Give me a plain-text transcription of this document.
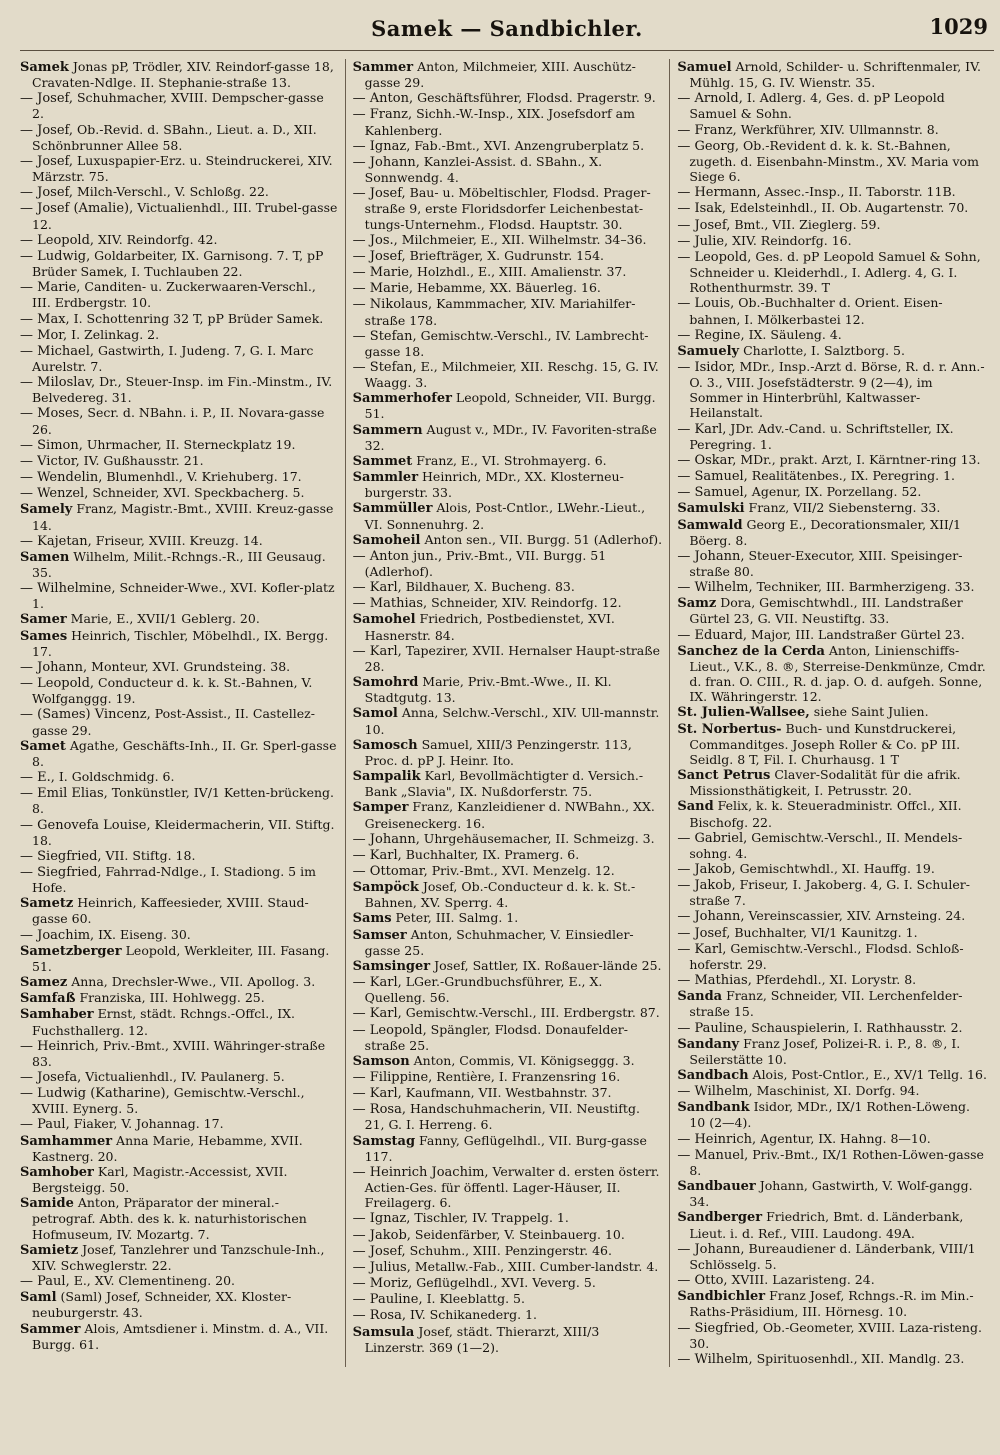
Samek — Sandbichler.	1029
Samek Jonas pP, Trödler, XIV. Reindorf-gasse 18, Cravaten-Ndlge. II. Stephanie-straße 13.
— Josef, Schuhmacher, XVIII. Dempscher-gasse 2.
— Josef, Ob.-Revid. d. SBahn., Lieut. a. D., XII. Schönbrunner Allee 58.
— Josef, Luxuspapier-Erz. u. Steindruckerei, XIV. Märzstr. 75.
— Josef, Milch-Verschl., V. Schloßg. 22.
— Josef (Amalie), Victualienhdl., III. Trubel-gasse 12.
— Leopold, XIV. Reindorfg. 42.
— Ludwig, Goldarbeiter, IX. Garnisong. 7. T, pP Brüder Samek, I. Tuchlauben 22.
— Marie, Canditen- u. Zuckerwaaren-Verschl., III. Erdbergstr. 10.
— Max, I. Schottenring 32 T, pP Brüder Samek.
— Mor, I. Zelinkag. 2.
— Michael, Gastwirth, I. Judeng. 7, G. I. Marc Aurelstr. 7.
— Miloslav, Dr., Steuer-Insp. im Fin.-Minstm., IV. Belvedereg. 31.
— Moses, Secr. d. NBahn. i. P., II. Novara-gasse 26.
— Simon, Uhrmacher, II. Sterneckplatz 19.
— Victor, IV. Gußhausstr. 21.
— Wendelin, Blumenhdl., V. Kriehuberg. 17.
— Wenzel, Schneider, XVI. Speckbacherg. 5.
Samely Franz, Magistr.-Bmt., XVIII. Kreuz-gasse 14.
— Kajetan, Friseur, XVIII. Kreuzg. 14.
Samen Wilhelm, Milit.-Rchngs.-R., III Geusaug. 35.
— Wilhelmine, Schneider-Wwe., XVI. Kofler-platz 1.
Samer Marie, E., XVII/1 Geblerg. 20.
Sames Heinrich, Tischler, Möbelhdl., IX. Bergg. 17.
— Johann, Monteur, XVI. Grundsteing. 38.
— Leopold, Conducteur d. k. k. St.-Bahnen, V. Wolfganggg. 19.
— (Sames) Vincenz, Post-Assist., II. Castellez-gasse 29.
Samet Agathe, Geschäfts-Inh., II. Gr. Sperl-gasse 8.
— E., I. Goldschmidg. 6.
— Emil Elias, Tonkünstler, IV/1 Ketten-brückeng. 8.
— Genovefa Louise, Kleidermacherin, VII. Stiftg. 18.
— Siegfried, VII. Stiftg. 18.
— Siegfried, Fahrrad-Ndlge., I. Stadiong. 5 im Hofe.
Sametz Heinrich, Kaffeesieder, XVIII. Staud-gasse 60.
— Joachim, IX. Eiseng. 30.
Sametzberger Leopold, Werkleiter, III. Fasang. 51.
Samez Anna, Drechsler-Wwe., VII. Apollog. 3.
Samfaß Franziska, III. Hohlwegg. 25.
Samhaber Ernst, städt. Rchngs.-Offcl., IX. Fuchsthallerg. 12.
— Heinrich, Priv.-Bmt., XVIII. Währinger-straße 83.
— Josefa, Victualienhdl., IV. Paulanerg. 5.
— Ludwig (Katharine), Gemischtw.-Verschl., XVIII. Eynerg. 5.
— Paul, Fiaker, V. Johannag. 17.
Samhammer Anna Marie, Hebamme, XVII. Kastnerg. 20.
Samhober Karl, Magistr.-Accessist, XVII. Bergsteigg. 50.
Samide Anton, Präparator der mineral.-petrograf. Abth. des k. k. naturhistorischen Hofmuseum, IV. Mozartg. 7.
Samietz Josef, Tanzlehrer und Tanzschule-Inh., XIV. Schweglerstr. 22.
— Paul, E., XV. Clementineng. 20.
Saml (Saml) Josef, Schneider, XX. Kloster-neuburgerstr. 43.
Sammer Alois, Amtsdiener i. Minstm. d. A., VII. Burgg. 61.
Sammer Anton, Milchmeier, XIII. Auschütz-gasse 29.
— Anton, Geschäftsführer, Flodsd. Pragerstr. 9.
— Franz, Sichh.-W.-Insp., XIX. Josefsdorf am Kahlenberg.
— Ignaz, Fab.-Bmt., XVI. Anzengruberplatz 5.
— Johann, Kanzlei-Assist. d. SBahn., X. Sonnwendg. 4.
— Josef, Bau- u. Möbeltischler, Flodsd. Prager-straße 9, erste Floridsdorfer Leichenbestat-tungs-Unternehm., Flodsd. Hauptstr. 30.
— Jos., Milchmeier, E., XII. Wilhelmstr. 34–36.
— Josef, Briefträger, X. Gudrunstr. 154.
— Marie, Holzhdl., E., XIII. Amalienstr. 37.
— Marie, Hebamme, XX. Bäuerleg. 16.
— Nikolaus, Kammmacher, XIV. Mariahilfer-straße 178.
— Stefan, Gemischtw.-Verschl., IV. Lambrecht-gasse 18.
— Stefan, E., Milchmeier, XII. Reschg. 15, G. IV. Waagg. 3.
Sammerhofer Leopold, Schneider, VII. Burgg. 51.
Sammern August v., MDr., IV. Favoriten-straße 32.
Sammet Franz, E., VI. Strohmayerg. 6.
Sammler Heinrich, MDr., XX. Klosterneu-burgerstr. 33.
Sammüller Alois, Post-Cntlor., LWehr.-Lieut., VI. Sonnenuhrg. 2.
Samoheil Anton sen., VII. Burgg. 51 (Adlerhof).
— Anton jun., Priv.-Bmt., VII. Burgg. 51 (Adlerhof).
— Karl, Bildhauer, X. Bucheng. 83.
— Mathias, Schneider, XIV. Reindorfg. 12.
Samohel Friedrich, Postbedienstet, XVI. Hasnerstr. 84.
— Karl, Tapezirer, XVII. Hernalser Haupt-straße 28.
Samohrd Marie, Priv.-Bmt.-Wwe., II. Kl. Stadtgutg. 13.
Samol Anna, Selchw.-Verschl., XIV. Ull-mannstr. 10.
Samosch Samuel, XIII/3 Penzingerstr. 113, Proc. d. pP J. Heinr. Ito.
Sampalik Karl, Bevollmächtigter d. Versich.-Bank „Slavia", IX. Nußdorferstr. 75.
Samper Franz, Kanzleidiener d. NWBahn., XX. Greiseneckerg. 16.
— Johann, Uhrgehäusemacher, II. Schmeizg. 3.
— Karl, Buchhalter, IX. Pramerg. 6.
— Ottomar, Priv.-Bmt., XVI. Menzelg. 12.
Sampöck Josef, Ob.-Conducteur d. k. k. St.-Bahnen, XV. Sperrg. 4.
Sams Peter, III. Salmg. 1.
Samser Anton, Schuhmacher, V. Einsiedler-gasse 25.
Samsinger Josef, Sattler, IX. Roßauer-lände 25.
— Karl, LGer.-Grundbuchsführer, E., X. Quelleng. 56.
— Karl, Gemischtw.-Verschl., III. Erdbergstr. 87.
— Leopold, Spängler, Flodsd. Donaufelder-straße 25.
Samson Anton, Commis, VI. Königseggg. 3.
— Filippine, Rentière, I. Franzensring 16.
— Karl, Kaufmann, VII. Westbahnstr. 37.
— Rosa, Handschuhmacherin, VII. Neustiftg. 21, G. I. Herreng. 6.
Samstag Fanny, Geflügelhdl., VII. Burg-gasse 117.
— Heinrich Joachim, Verwalter d. ersten österr. Actien-Ges. für öffentl. Lager-Häuser, II. Freilagerg. 6.
— Ignaz, Tischler, IV. Trappelg. 1.
— Jakob, Seidenfärber, V. Steinbauerg. 10.
— Josef, Schuhm., XIII. Penzingerstr. 46.
— Julius, Metallw.-Fab., XIII. Cumber-landstr. 4.
— Moriz, Geflügelhdl., XVI. Veverg. 5.
— Pauline, I. Kleeblattg. 5.
— Rosa, IV. Schikanederg. 1.
Samsula Josef, städt. Thierarzt, XIII/3 Linzerstr. 369 (1—2).
Samuel Arnold, Schilder- u. Schriftenmaler, IV. Mühlg. 15, G. IV. Wienstr. 35.
— Arnold, I. Adlerg. 4, Ges. d. pP Leopold Samuel & Sohn.
— Franz, Werkführer, XIV. Ullmannstr. 8.
— Georg, Ob.-Revident d. k. k. St.-Bahnen, zugeth. d. Eisenbahn-Minstm., XV. Maria vom Siege 6.
— Hermann, Assec.-Insp., II. Taborstr. 11B.
— Isak, Edelsteinhdl., II. Ob. Augartenstr. 70.
— Josef, Bmt., VII. Zieglerg. 59.
— Julie, XIV. Reindorfg. 16.
— Leopold, Ges. d. pP Leopold Samuel & Sohn, Schneider u. Kleiderhdl., I. Adlerg. 4, G. I. Rothenthurmstr. 39. T
— Louis, Ob.-Buchhalter d. Orient. Eisen-bahnen, I. Mölkerbastei 12.
— Regine, IX. Säuleng. 4.
Samuely Charlotte, I. Salztborg. 5.
— Isidor, MDr., Insp.-Arzt d. Börse, R. d. r. Ann.-O. 3., VIII. Josefstädterstr. 9 (2—4), im Sommer in Hinterbrühl, Kaltwasser-Heilanstalt.
— Karl, JDr. Adv.-Cand. u. Schriftsteller, IX. Peregring. 1.
— Oskar, MDr., prakt. Arzt, I. Kärntner-ring 13.
— Samuel, Realitätenbes., IX. Peregring. 1.
— Samuel, Agenur, IX. Porzellang. 52.
Samulski Franz, VII/2 Siebensterng. 33.
Samwald Georg E., Decorationsmaler, XII/1 Böerg. 8.
— Johann, Steuer-Executor, XIII. Speisinger-straße 80.
— Wilhelm, Techniker, III. Barmherzigeng. 33.
Samz Dora, Gemischtwhdl., III. Landstraßer Gürtel 23, G. VII. Neustiftg. 33.
— Eduard, Major, III. Landstraßer Gürtel 23.
Sanchez de la Cerda Anton, Linienschiffs-Lieut., V.K., 8. ®, Sterreise-Denkmünze, Cmdr. d. fran. O. CIII., R. d. jap. O. d. aufgeh. Sonne, IX. Währingerstr. 12.
St. Julien-Wallsee, siehe Saint Julien.
St. Norbertus- Buch- und Kunstdruckerei, Commanditges. Joseph Roller & Co. pP III. Seidlg. 8 T, Fil. I. Churhausg. 1 T
Sanct Petrus Claver-Sodalität für die afrik. Missionsthätigkeit, I. Petrusstr. 20.
Sand Felix, k. k. Steueradministr. Offcl., XII. Bischofg. 22.
— Gabriel, Gemischtw.-Verschl., II. Mendels-sohng. 4.
— Jakob, Gemischtwhdl., XI. Hauffg. 19.
— Jakob, Friseur, I. Jakoberg. 4, G. I. Schuler-straße 7.
— Johann, Vereinscassier, XIV. Arnsteing. 24.
— Josef, Buchhalter, VI/1 Kaunitzg. 1.
— Karl, Gemischtw.-Verschl., Flodsd. Schloß-hoferstr. 29.
— Mathias, Pferdehdl., XI. Lorystr. 8.
Sanda Franz, Schneider, VII. Lerchenfelder-straße 15.
— Pauline, Schauspielerin, I. Rathhausstr. 2.
Sandany Franz Josef, Polizei-R. i. P., 8. ®, I. Seilerstätte 10.
Sandbach Alois, Post-Cntlor., E., XV/1 Tellg. 16.
— Wilhelm, Maschinist, XI. Dorfg. 94.
Sandbank Isidor, MDr., IX/1 Rothen-Löweng. 10 (2—4).
— Heinrich, Agentur, IX. Hahng. 8—10.
— Manuel, Priv.-Bmt., IX/1 Rothen-Löwen-gasse 8.
Sandbauer Johann, Gastwirth, V. Wolf-gangg. 34.
Sandberger Friedrich, Bmt. d. Länderbank, Lieut. i. d. Ref., VIII. Laudong. 49A.
— Johann, Bureaudiener d. Länderbank, VIII/1 Schlösselg. 5.
— Otto, XVIII. Lazaristeng. 24.
Sandbichler Franz Josef, Rchngs.-R. im Min.-Raths-Präsidium, III. Hörnesg. 10.
— Siegfried, Ob.-Geometer, XVIII. Laza-risteng. 30.
— Wilhelm, Spirituosenhdl., XII. Mandlg. 23.
